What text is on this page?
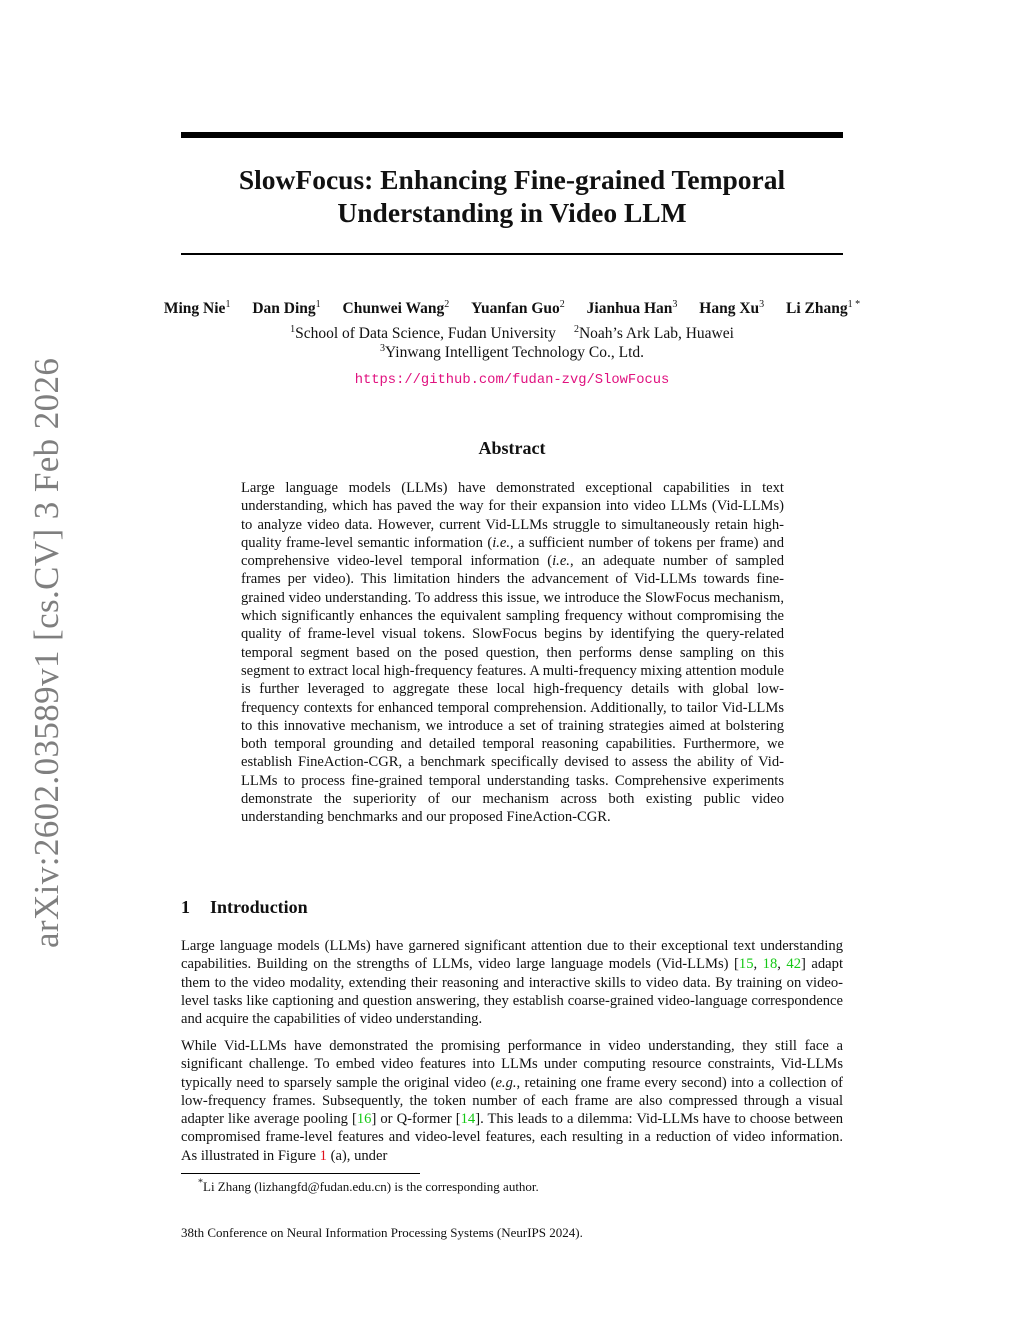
arXiv:2602.03589v1 [cs.CV] 3 Feb 2026
SlowFocus: Enhancing Fine-grained Temporal
Understanding in Video LLM
Ming Nie$^1$ Dan Ding$^1$ Chunwei Wang$^2$ Yuanfan Guo$^2$ Jianhua Han$^3$ Hang Xu$^3$ Li Zhang$^{1 *}$
$^1$School of Data Science, Fudan University $^2$Noah’s Ark Lab, Huawei
$^3$Yinwang Intelligent Technology Co., Ltd.
https://github.com/fudan-zvg/SlowFocus
Abstract

Large language models (LLMs) have demonstrated exceptional capabilities in text understanding, which has paved the way for their expansion into video LLMs (Vid-LLMs) to analyze video data. However, current Vid-LLMs struggle to simultaneously retain high-quality frame-level semantic information (i.e., a sufficient number of tokens per frame) and comprehensive video-level temporal information (i.e., an adequate number of sampled frames per video). This limitation hinders the advancement of Vid-LLMs towards fine-grained video understanding. To address this issue, we introduce the SlowFocus mechanism, which significantly enhances the equivalent sampling frequency without compromising the quality of frame-level visual tokens. SlowFocus begins by identifying the query-related temporal segment based on the posed question, then performs dense sampling on this segment to extract local high-frequency features. A multi-frequency mixing attention module is further leveraged to aggregate these local high-frequency details with global low-frequency contexts for enhanced temporal comprehension. Additionally, to tailor Vid-LLMs to this innovative mechanism, we introduce a set of training strategies aimed at bolstering both temporal grounding and detailed temporal reasoning capabilities. Furthermore, we establish FineAction-CGR, a benchmark specifically devised to assess the ability of Vid-LLMs to process fine-grained temporal understanding tasks. Comprehensive experiments demonstrate the superiority of our mechanism across both existing public video understanding benchmarks and our proposed FineAction-CGR.

1 Introduction

Large language models (LLMs) have garnered significant attention due to their exceptional text understanding capabilities. Building on the strengths of LLMs, video large language models (Vid-LLMs) [15, 18, 42] adapt them to the video modality, extending their reasoning and interactive skills to video data. By training on video-level tasks like captioning and question answering, they establish coarse-grained video-language correspondence and acquire the capabilities of video understanding.

While Vid-LLMs have demonstrated the promising performance in video understanding, they still face a significant challenge. To embed video features into LLMs under computing resource constraints, Vid-LLMs typically need to sparsely sample the original video (e.g., retaining one frame every second) into a collection of low-frequency frames. Subsequently, the token number of each frame are also compressed through a visual adapter like average pooling [16] or Q-former [14]. This leads to a dilemma: Vid-LLMs have to choose between compromised frame-level features and video-level features, each resulting in a reduction of video information. As illustrated in Figure 1 (a), under

*Li Zhang (lizhangfd@fudan.edu.cn) is the corresponding author.
38th Conference on Neural Information Processing Systems (NeurIPS 2024).
